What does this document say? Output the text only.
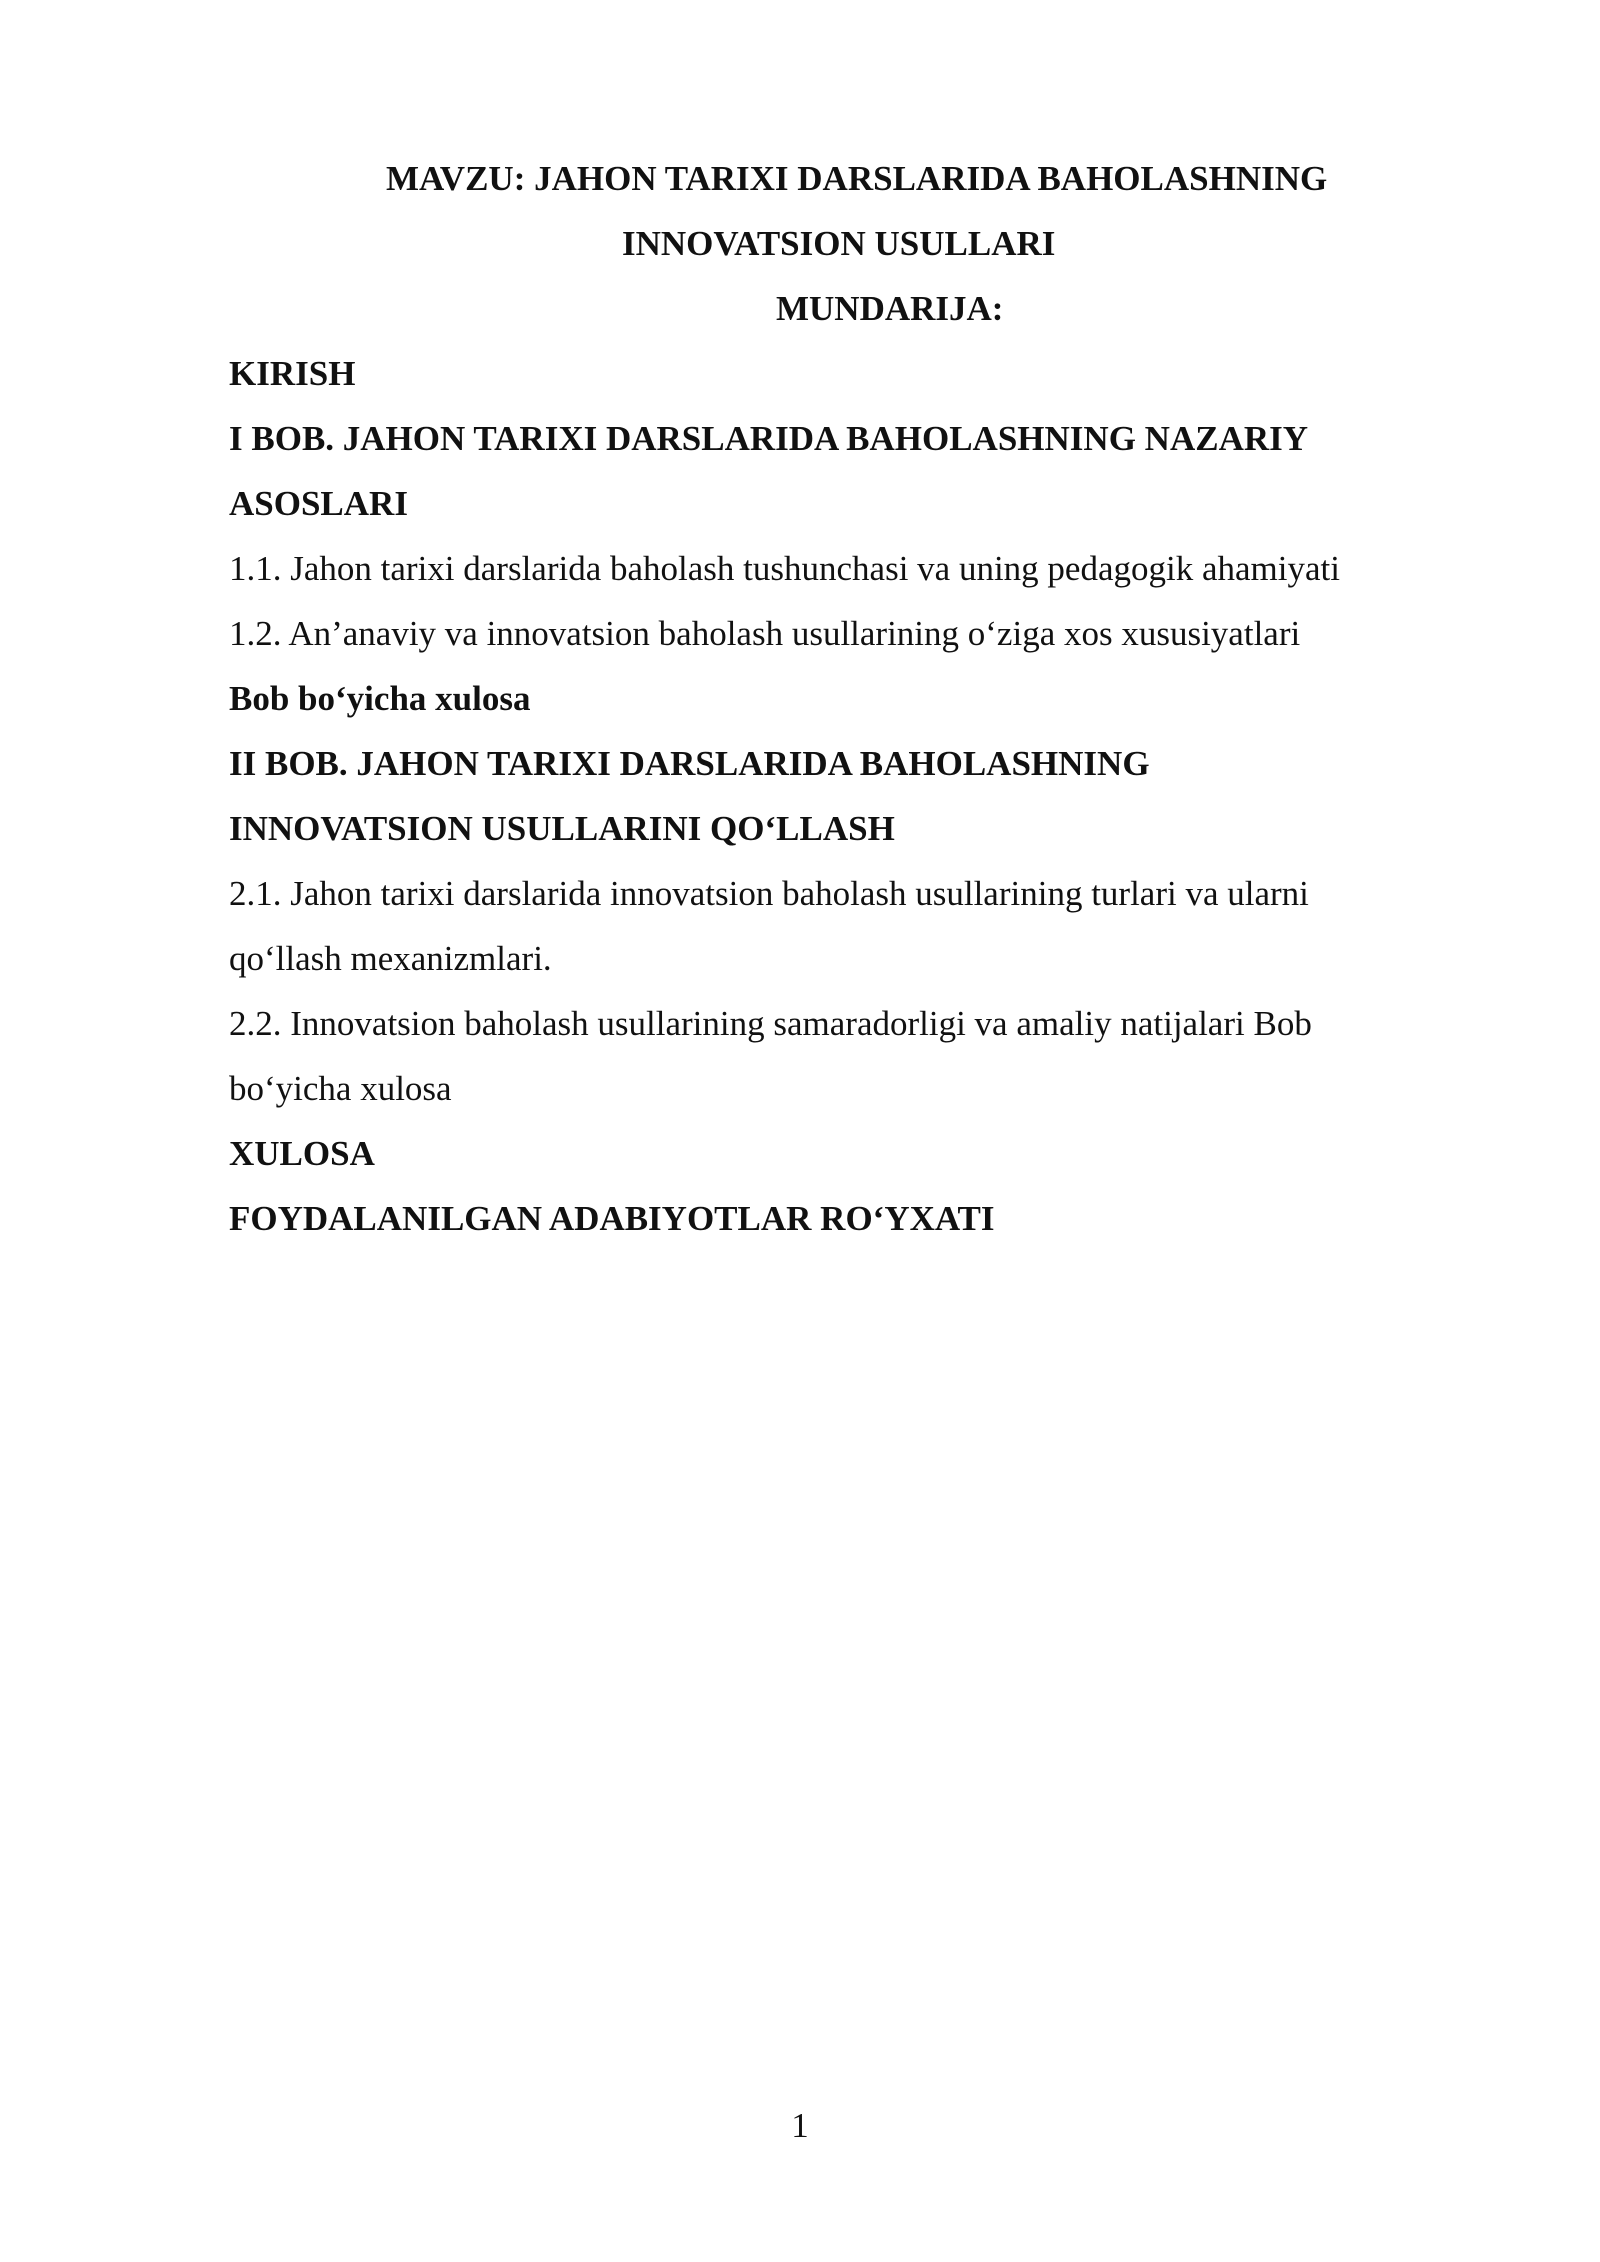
MAVZU: JAHON TARIXI DARSLARIDA BAHOLASHNING
INNOVATSION USULLARI
MUNDARIJA:
KIRISH
I BOB. JAHON TARIXI DARSLARIDA BAHOLASHNING NAZARIY
ASOSLARI
1.1. Jahon tarixi darslarida baholash tushunchasi va uning pedagogik ahamiyati
1.2. An’anaviy va innovatsion baholash usullarining o‘ziga xos xususiyatlari
Bob bo‘yicha xulosa
II BOB. JAHON TARIXI DARSLARIDA BAHOLASHNING
INNOVATSION USULLARINI QO‘LLASH
2.1. Jahon tarixi darslarida innovatsion baholash usullarining turlari va ularni
qo‘llash mexanizmlari.
2.2. Innovatsion baholash usullarining samaradorligi va amaliy natijalari Bob
bo‘yicha xulosa
XULOSA
FOYDALANILGAN ADABIYOTLAR RO‘YXATI
1
